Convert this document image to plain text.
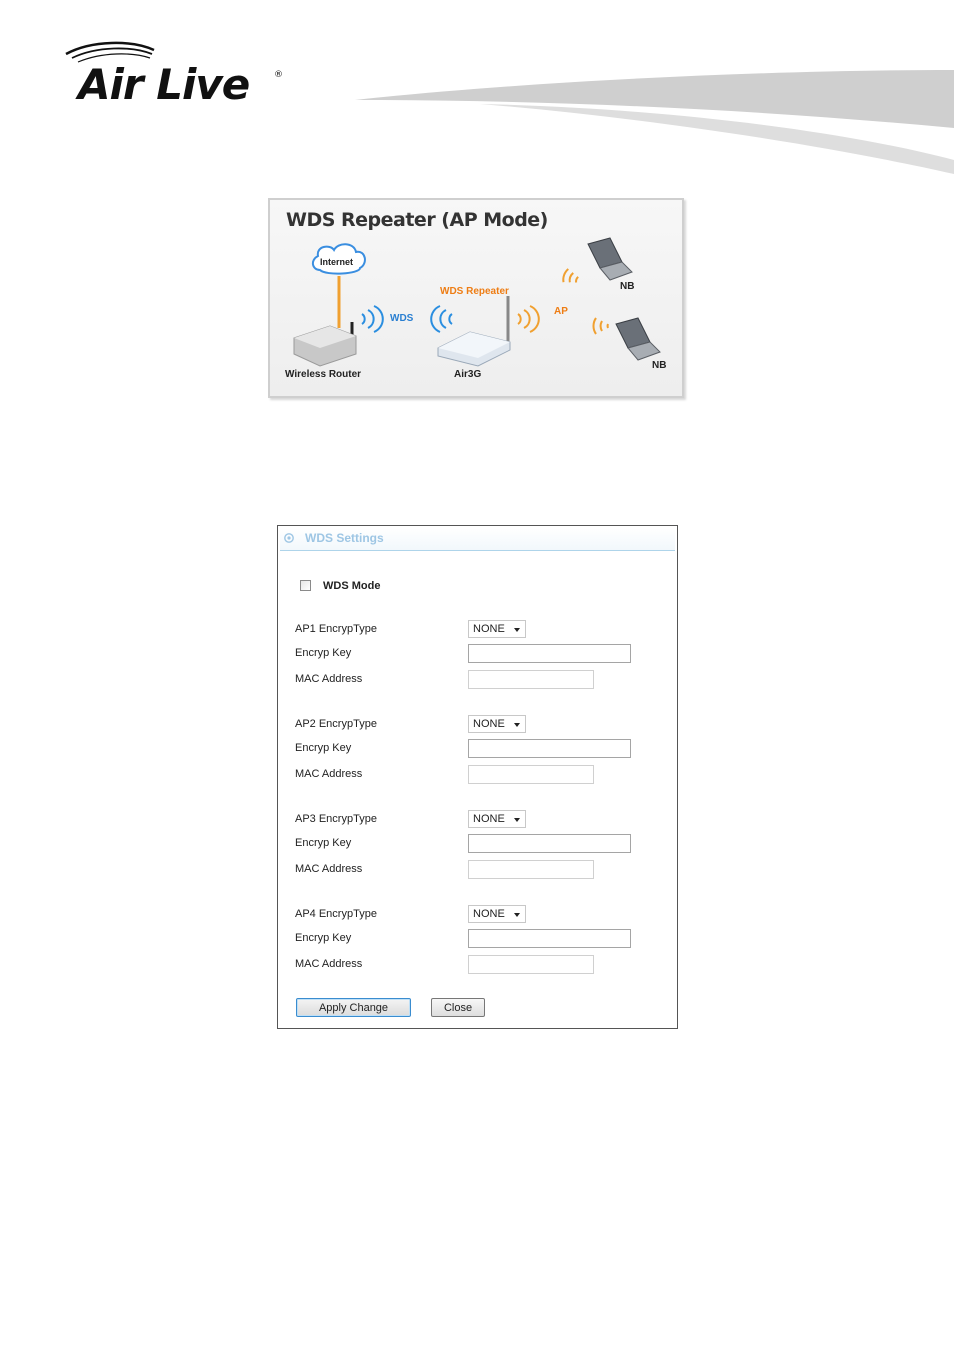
Air Live	®
WDS Repeater (AP Mode)
Internet
WDS
WDS Repeater
AP
NB
NB
Wireless Router	Air3G
WDS Settings
WDS Mode
AP1 EncrypType	NONE
Encryp Key
MAC Address
AP2 EncrypType	NONE
Encryp Key
MAC Address
AP3 EncrypType	NONE
Encryp Key
MAC Address
AP4 EncrypType	NONE
Encryp Key
MAC Address
Apply Change	Close
